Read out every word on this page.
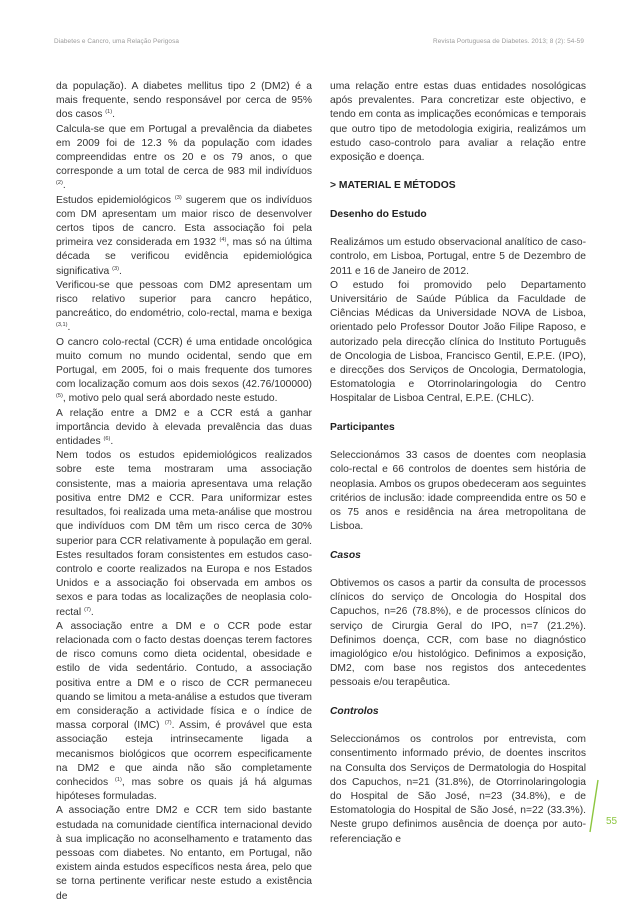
Diabetes e Cancro, uma Relação Perigosa	Revista Portuguesa de Diabetes. 2013; 8 (2): 54-59

da população). A diabetes mellitus tipo 2 (DM2) é a mais frequente, sendo responsável por cerca de 95% dos casos $^{(1)}$.

Calcula-se que em Portugal a prevalência da diabetes em 2009 foi de 12.3 % da população com idades compreendidas entre os 20 e os 79 anos, o que corresponde a um total de cerca de 983 mil indivíduos $^{(2)}$.

Estudos epidemiológicos $^{(3)}$ sugerem que os indivíduos com DM apresentam um maior risco de desenvolver certos tipos de cancro. Esta associação foi pela primeira vez considerada em 1932 $^{(4)}$, mas só na última década se verificou evidência epidemiológica significativa $^{(3)}$.

Verificou-se que pessoas com DM2 apresentam um risco relativo superior para cancro hepático, pancreático, do endométrio, colo-rectal, mama e bexiga $^{(3,1)}$.

O cancro colo-rectal (CCR) é uma entidade oncológica muito comum no mundo ocidental, sendo que em Portugal, em 2005, foi o mais frequente dos tumores com localização comum aos dois sexos (42.76/100000) $^{(5)}$, motivo pelo qual será abordado neste estudo.

A relação entre a DM2 e a CCR está a ganhar importância devido à elevada prevalência das duas entidades $^{(6)}$.

Nem todos os estudos epidemiológicos realizados sobre este tema mostraram uma associação consistente, mas a maioria apresentava uma relação positiva entre DM2 e CCR. Para uniformizar estes resultados, foi realizada uma meta-análise que mostrou que indivíduos com DM têm um risco cerca de 30% superior para CCR relativamente à população em geral. Estes resultados foram consistentes em estudos caso-controlo e coorte realizados na Europa e nos Estados Unidos e a associação foi observada em ambos os sexos e para todas as localizações de neoplasia colo-rectal $^{(7)}$.

A associação entre a DM e o CCR pode estar relacionada com o facto destas doenças terem factores de risco comuns como dieta ocidental, obesidade e estilo de vida sedentário. Contudo, a associação positiva entre a DM e o risco de CCR permaneceu quando se limitou a meta-análise a estudos que tiveram em consideração a actividade física e o índice de massa corporal (IMC) $^{(7)}$. Assim, é provável que esta associação esteja intrinsecamente ligada a mecanismos biológicos que ocorrem especificamente na DM2 e que ainda não são completamente conhecidos $^{(1)}$, mas sobre os quais já há algumas hipóteses formuladas.

A associação entre DM2 e CCR tem sido bastante estudada na comunidade científica internacional devido à sua implicação no aconselhamento e tratamento das pessoas com diabetes. No entanto, em Portugal, não existem ainda estudos específicos nesta área, pelo que se torna pertinente verificar neste estudo a existência de

uma relação entre estas duas entidades nosológicas após prevalentes. Para concretizar este objectivo, e tendo em conta as implicações económicas e temporais que outro tipo de metodologia exigiria, realizámos um estudo caso-controlo para avaliar a relação entre exposição e doença.

> MATERIAL E MÉTODOS

Desenho do Estudo

Realizámos um estudo observacional analítico de caso-controlo, em Lisboa, Portugal, entre 5 de Dezembro de 2011 e 16 de Janeiro de 2012.

O estudo foi promovido pelo Departamento Universitário de Saúde Pública da Faculdade de Ciências Médicas da Universidade NOVA de Lisboa, orientado pelo Professor Doutor João Filipe Raposo, e autorizado pela direcção clínica do Instituto Português de Oncologia de Lisboa, Francisco Gentil, E.P.E. (IPO), e direcções dos Serviços de Oncologia, Dermatologia, Estomatologia e Otorrinolaringologia do Centro Hospitalar de Lisboa Central, E.P.E. (CHLC).

Participantes

Seleccionámos 33 casos de doentes com neoplasia colo-rectal e 66 controlos de doentes sem história de neoplasia. Ambos os grupos obedeceram aos seguintes critérios de inclusão: idade compreendida entre os 50 e os 75 anos e residência na área metropolitana de Lisboa.

Casos

Obtivemos os casos a partir da consulta de processos clínicos do serviço de Oncologia do Hospital dos Capuchos, n=26 (78.8%), e de processos clínicos do serviço de Cirurgia Geral do IPO, n=7 (21.2%). Definimos doença, CCR, com base no diagnóstico imagiológico e/ou histológico. Definimos a exposição, DM2, com base nos registos dos antecedentes pessoais e/ou terapêutica.

Controlos

Seleccionámos os controlos por entrevista, com consentimento informado prévio, de doentes inscritos na Consulta dos Serviços de Dermatologia do Hospital dos Capuchos, n=21 (31.8%), de Otorrinolaringologia do Hospital de São José, n=23 (34.8%), e de Estomatologia do Hospital de São José, n=22 (33.3%). Neste grupo definimos ausência de doença por auto-referenciação e

55
